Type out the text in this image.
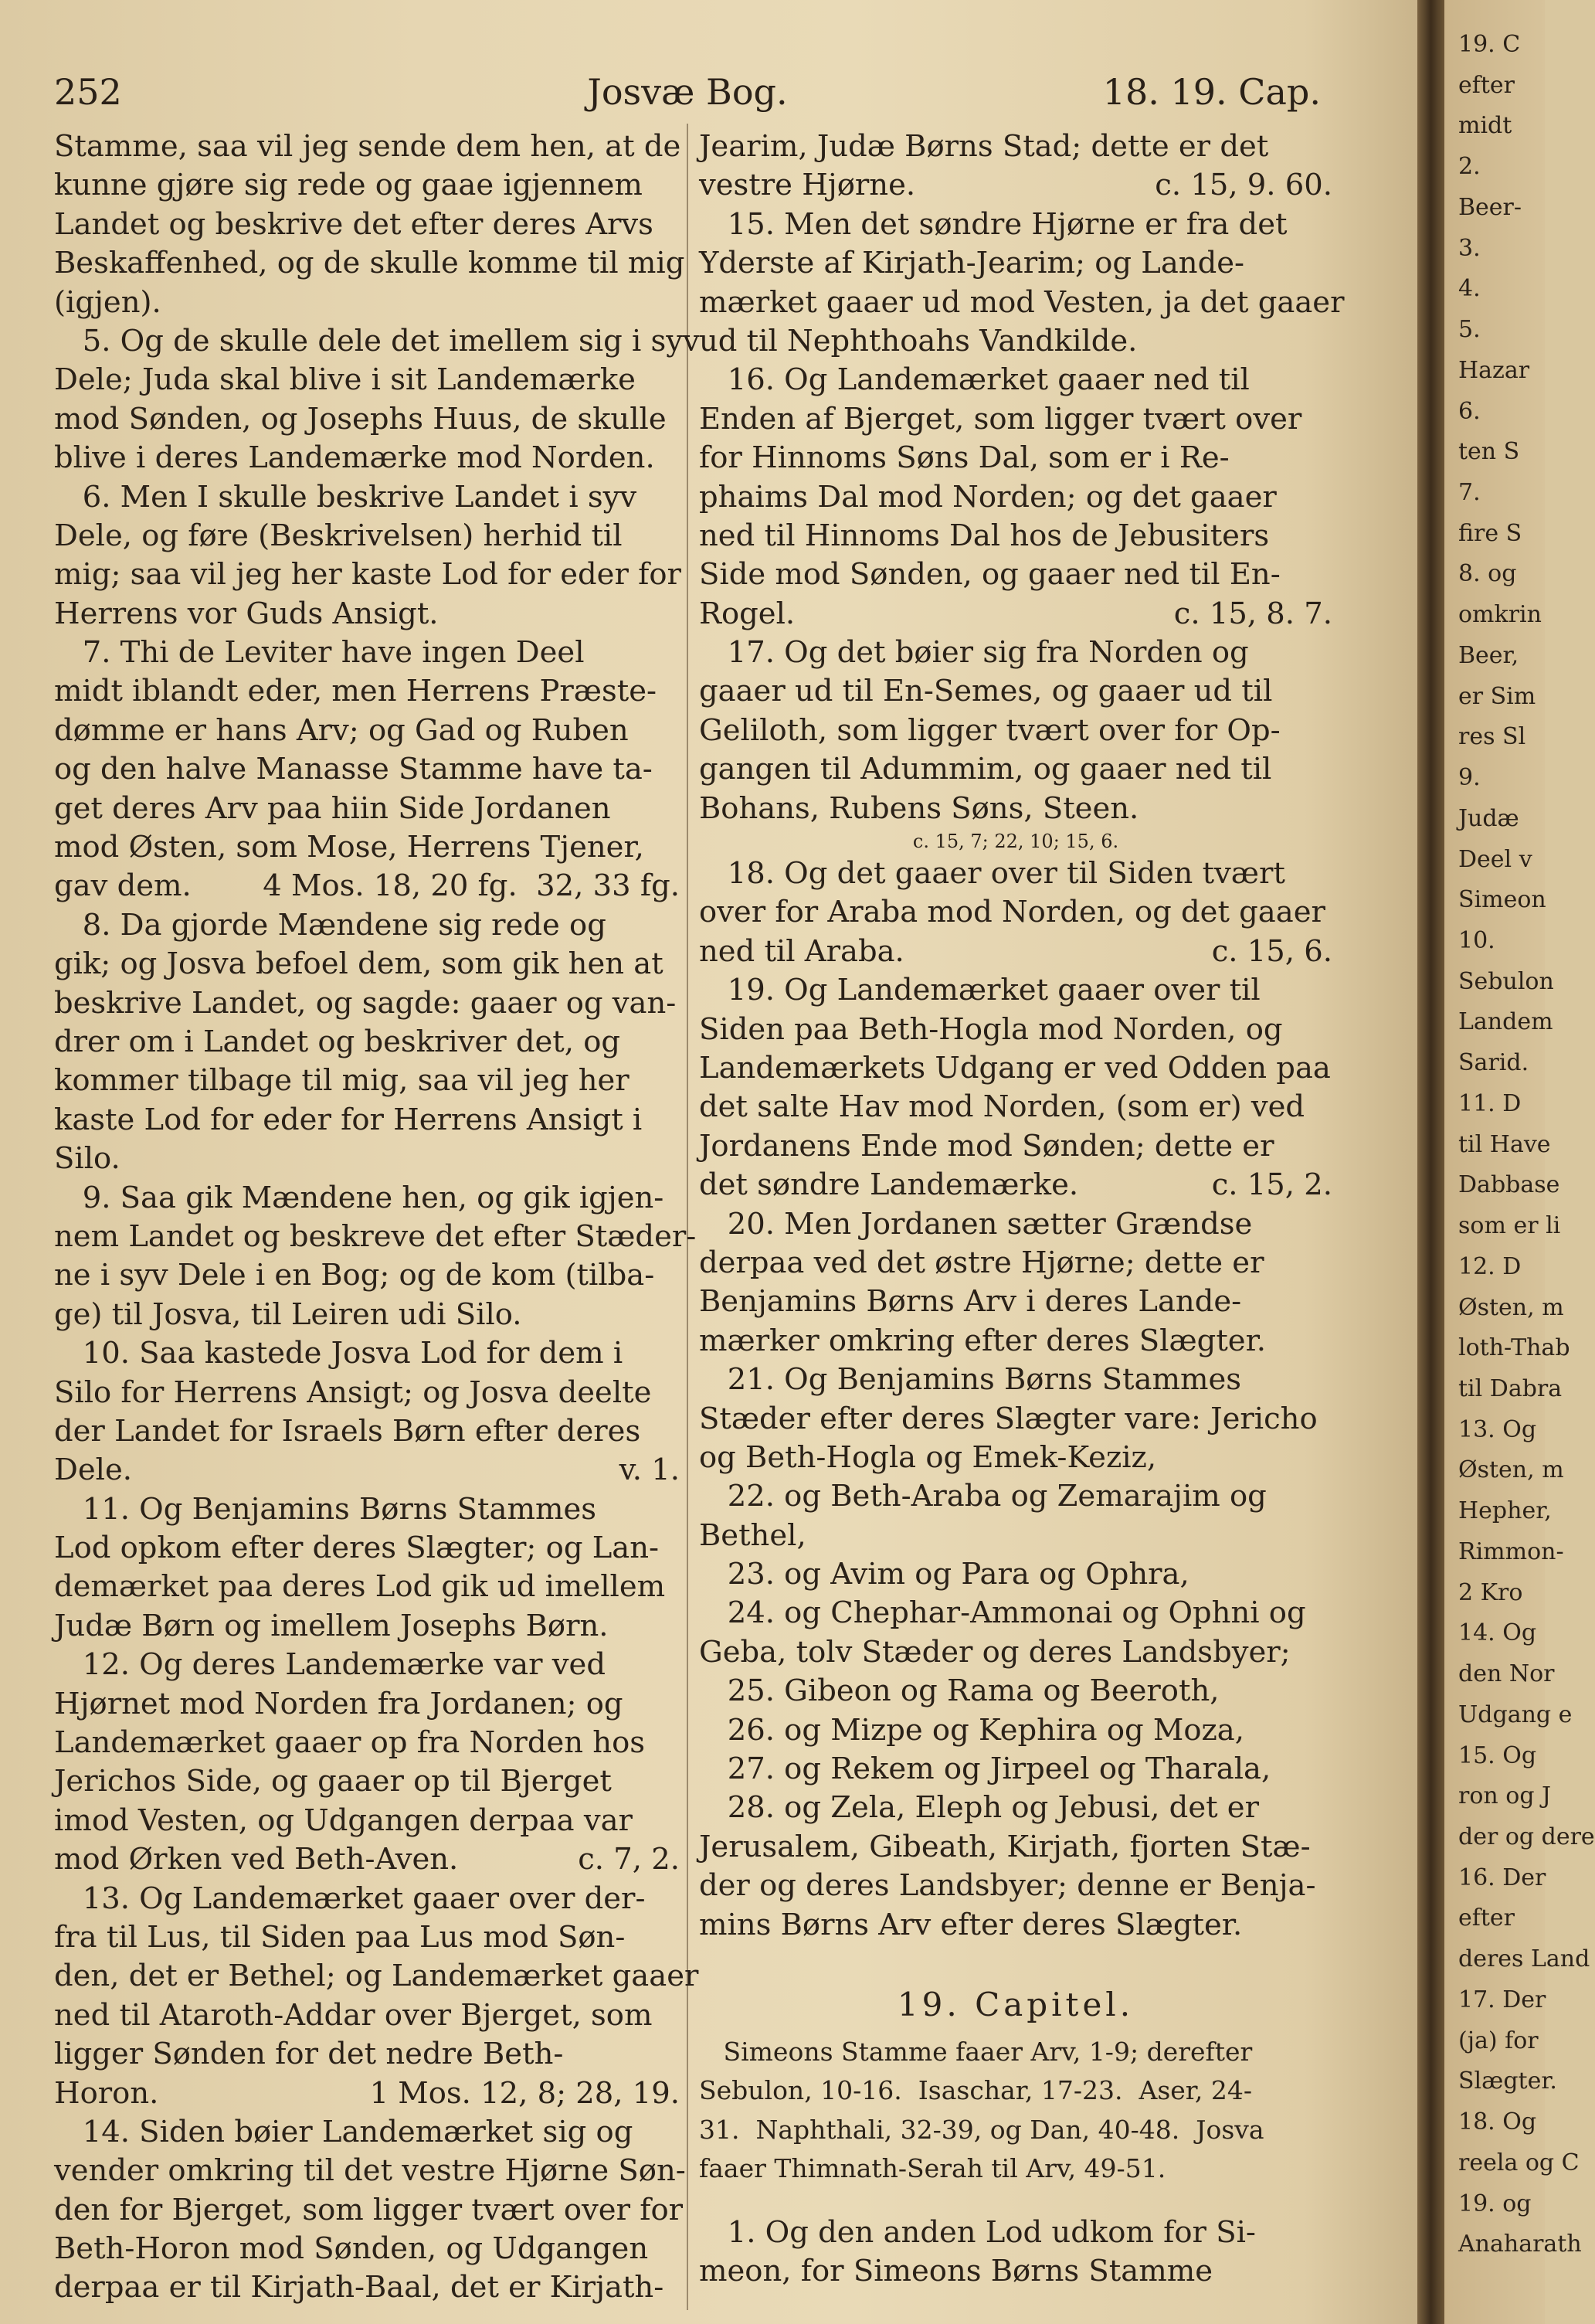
252	Josvæ Bog.	18. 19. Cap.
Stamme, saa vil jeg sende dem hen, at de
kunne gjøre sig rede og gaae igjennem
Landet og beskrive det efter deres Arvs
Beskaffenhed, og de skulle komme til mig
(igjen).
5. Og de skulle dele det imellem sig i syv
Dele; Juda skal blive i sit Landemærke
mod Sønden, og Josephs Huus, de skulle
blive i deres Landemærke mod Norden.
6. Men I skulle beskrive Landet i syv
Dele, og føre (Beskrivelsen) herhid til
mig; saa vil jeg her kaste Lod for eder for
Herrens vor Guds Ansigt.
7. Thi de Leviter have ingen Deel
midt iblandt eder, men Herrens Præste-
dømme er hans Arv; og Gad og Ruben
og den halve Manasse Stamme have ta-
get deres Arv paa hiin Side Jordanen
mod Østen, som Mose, Herrens Tjener,
4 Mos. 18, 20 fg.  32, 33 fg.
gav dem.
8. Da gjorde Mændene sig rede og
gik; og Josva befoel dem, som gik hen at
beskrive Landet, og sagde: gaaer og van-
drer om i Landet og beskriver det, og
kommer tilbage til mig, saa vil jeg her
kaste Lod for eder for Herrens Ansigt i
Silo.
9. Saa gik Mændene hen, og gik igjen-
nem Landet og beskreve det efter Stæder-
ne i syv Dele i en Bog; og de kom (tilba-
ge) til Josva, til Leiren udi Silo.
10. Saa kastede Josva Lod for dem i
Silo for Herrens Ansigt; og Josva deelte
der Landet for Israels Børn efter deres
v. 1.
Dele.
11. Og Benjamins Børns Stammes
Lod opkom efter deres Slægter; og Lan-
demærket paa deres Lod gik ud imellem
Judæ Børn og imellem Josephs Børn.
12. Og deres Landemærke var ved
Hjørnet mod Norden fra Jordanen; og
Landemærket gaaer op fra Norden hos
Jerichos Side, og gaaer op til Bjerget
imod Vesten, og Udgangen derpaa var
c. 7, 2.
mod Ørken ved Beth-Aven.
13. Og Landemærket gaaer over der-
fra til Lus, til Siden paa Lus mod Søn-
den, det er Bethel; og Landemærket gaaer
ned til Ataroth-Addar over Bjerget, som
ligger Sønden for det nedre Beth-
1 Mos. 12, 8; 28, 19.
Horon.
14. Siden bøier Landemærket sig og
vender omkring til det vestre Hjørne Søn-
den for Bjerget, som ligger tvært over for
Beth-Horon mod Sønden, og Udgangen
derpaa er til Kirjath-Baal, det er Kirjath-
Jearim, Judæ Børns Stad; dette er det
c. 15, 9. 60.
vestre Hjørne.
15. Men det søndre Hjørne er fra det
Yderste af Kirjath-Jearim; og Lande-
mærket gaaer ud mod Vesten, ja det gaaer
ud til Nephthoahs Vandkilde.
16. Og Landemærket gaaer ned til
Enden af Bjerget, som ligger tvært over
for Hinnoms Søns Dal, som er i Re-
phaims Dal mod Norden; og det gaaer
ned til Hinnoms Dal hos de Jebusiters
Side mod Sønden, og gaaer ned til En-
c. 15, 8. 7.
Rogel.
17. Og det bøier sig fra Norden og
gaaer ud til En-Semes, og gaaer ud til
Geliloth, som ligger tvært over for Op-
gangen til Adummim, og gaaer ned til
Bohans, Rubens Søns, Steen.
c. 15, 7; 22, 10; 15, 6.
18. Og det gaaer over til Siden tvært
over for Araba mod Norden, og det gaaer
c. 15, 6.
ned til Araba.
19. Og Landemærket gaaer over til
Siden paa Beth-Hogla mod Norden, og
Landemærkets Udgang er ved Odden paa
det salte Hav mod Norden, (som er) ved
Jordanens Ende mod Sønden; dette er
c. 15, 2.
det søndre Landemærke.
20. Men Jordanen sætter Grændse
derpaa ved det østre Hjørne; dette er
Benjamins Børns Arv i deres Lande-
mærker omkring efter deres Slægter.
21. Og Benjamins Børns Stammes
Stæder efter deres Slægter vare: Jericho
og Beth-Hogla og Emek-Keziz,
22. og Beth-Araba og Zemarajim og
Bethel,
23. og Avim og Para og Ophra,
24. og Chephar-Ammonai og Ophni og
Geba, tolv Stæder og deres Landsbyer;
25. Gibeon og Rama og Beeroth,
26. og Mizpe og Kephira og Moza,
27. og Rekem og Jirpeel og Tharala,
28. og Zela, Eleph og Jebusi, det er
Jerusalem, Gibeath, Kirjath, fjorten Stæ-
der og deres Landsbyer; denne er Benja-
mins Børns Arv efter deres Slægter.
19. Capitel.
Simeons Stamme faaer Arv, 1-9; derefter
Sebulon, 10-16.  Isaschar, 17-23.  Aser, 24-
31.  Naphthali, 32-39, og Dan, 40-48.  Josva
faaer Thimnath-Serah til Arv, 49-51.
1. Og den anden Lod udkom for Si-
meon, for Simeons Børns Stamme
19. C
efter
midt
2.
Beer-
3.
4.
5.
Hazar
6.
ten S
7.
fire S
8. og
omkrin
Beer,
er Sim
res Sl
9.
Judæ
Deel v
Simeon
10.
Sebulon
Landem
Sarid.
11. D
til Have
Dabbase
som er li
12. D
Østen, m
loth-Thab
til Dabra
13. Og
Østen, m
Hepher,
Rimmon-
2 Kro
14. Og
den Nor
Udgang e
15. Og
ron og J
der og dere
16. Der
efter
deres Land
17. Der
(ja) for
Slægter.
18. Og
reela og C
19. og
Anaharath
